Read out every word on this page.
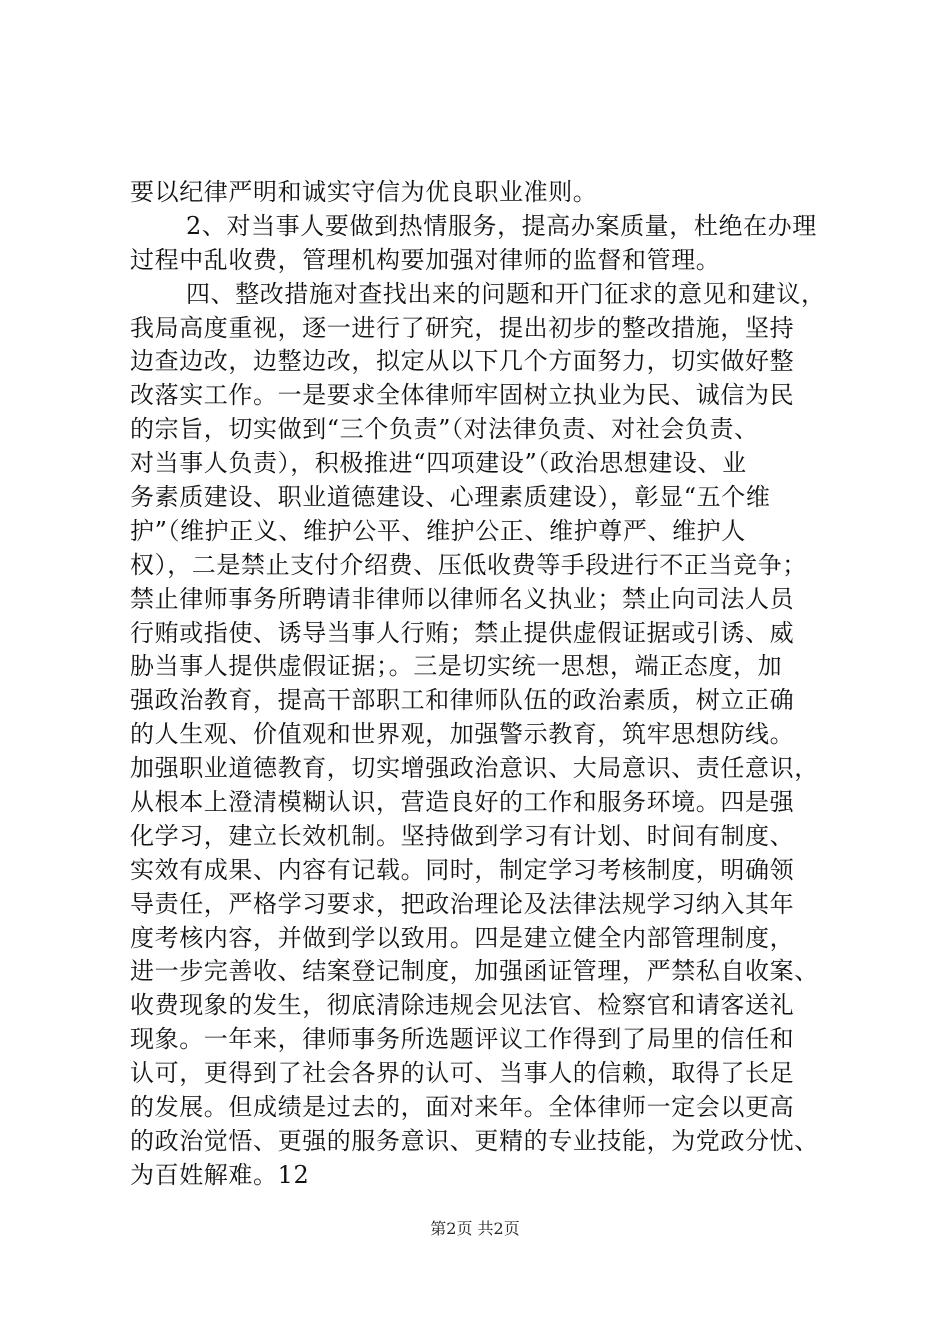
要以纪律严明和诚实守信为优良职业准则。
2、对当事人要做到热情服务，提高办案质量，杜绝在办理
过程中乱收费，管理机构要加强对律师的监督和管理。
四、整改措施对查找出来的问题和开门征求的意见和建议，
我局高度重视，逐一进行了研究，提出初步的整改措施，坚持
边查边改，边整边改，拟定从以下几个方面努力，切实做好整
改落实工作。一是要求全体律师牢固树立执业为民、诚信为民
的宗旨，切实做到“三个负责”（对法律负责、对社会负责、
对当事人负责），积极推进“四项建设”（政治思想建设、业
务素质建设、职业道德建设、心理素质建设），彰显“五个维
护”（维护正义、维护公平、维护公正、维护尊严、维护人
权），二是禁止支付介绍费、压低收费等手段进行不正当竞争；
禁止律师事务所聘请非律师以律师名义执业；禁止向司法人员
行贿或指使、诱导当事人行贿；禁止提供虚假证据或引诱、威
胁当事人提供虚假证据；。三是切实统一思想，端正态度，加
强政治教育，提高干部职工和律师队伍的政治素质，树立正确
的人生观、价值观和世界观，加强警示教育，筑牢思想防线。
加强职业道德教育，切实增强政治意识、大局意识、责任意识，
从根本上澄清模糊认识，营造良好的工作和服务环境。四是强
化学习，建立长效机制。坚持做到学习有计划、时间有制度、
实效有成果、内容有记载。同时，制定学习考核制度，明确领
导责任，严格学习要求，把政治理论及法律法规学习纳入其年
度考核内容，并做到学以致用。四是建立健全内部管理制度，
进一步完善收、结案登记制度，加强函证管理，严禁私自收案、
收费现象的发生，彻底清除违规会见法官、检察官和请客送礼
现象。一年来，律师事务所选题评议工作得到了局里的信任和
认可，更得到了社会各界的认可、当事人的信赖，取得了长足
的发展。但成绩是过去的，面对来年。全体律师一定会以更高
的政治觉悟、更强的服务意识、更精的专业技能，为党政分忧、
为百姓解难。12
第2页 共2页
